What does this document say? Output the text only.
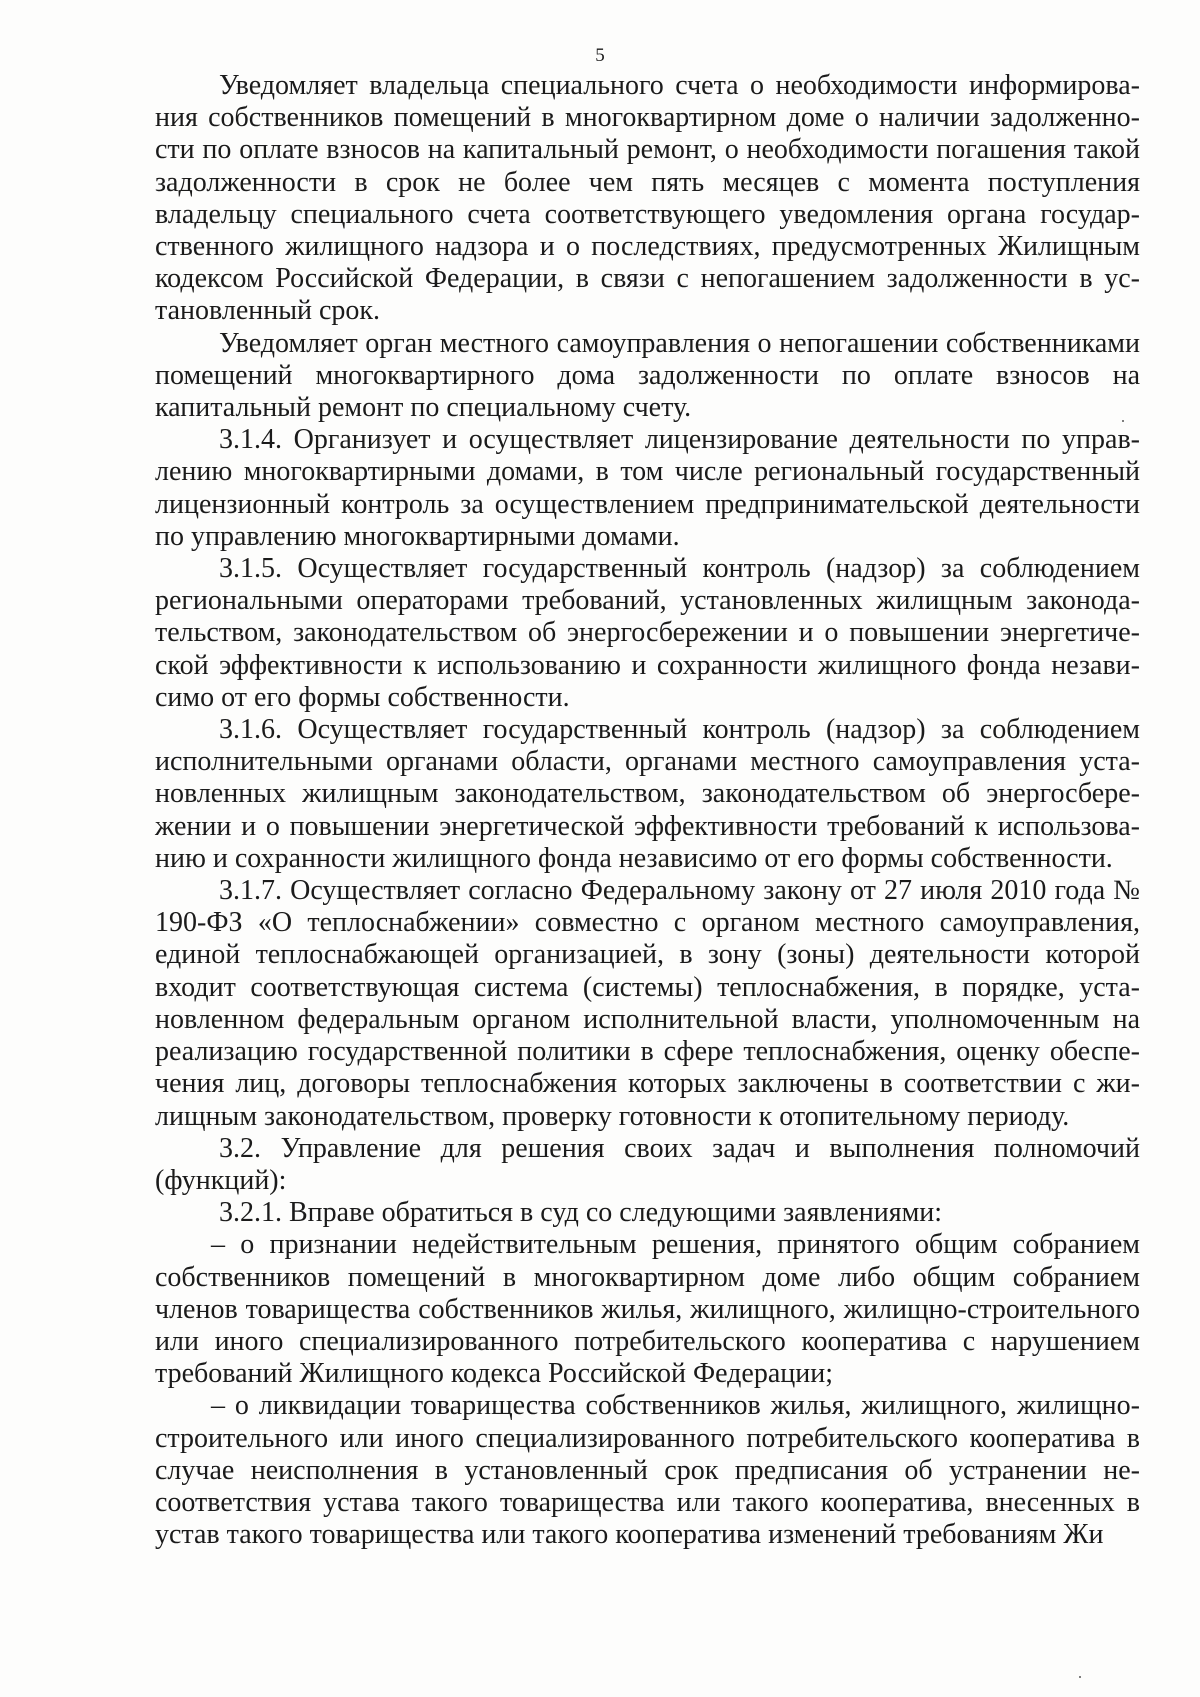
5

Уведомляет владельца специального счета о необходимости информирования собственников помещений в многоквартирном доме о наличии задолженности по оплате взносов на капитальный ремонт, о необходимости погашения такой задолженности в срок не более чем пять месяцев с момента поступления владельцу специального счета соответствующего уведомления органа государственного жилищного надзора и о последствиях, предусмотренных Жилищным кодексом Российской Федерации, в связи с непогашением задолженности в установленный срок.

Уведомляет орган местного самоуправления о непогашении собственниками помещений многоквартирного дома задолженности по оплате взносов на капитальный ремонт по специальному счету.

3.1.4. Организует и осуществляет лицензирование деятельности по управлению многоквартирными домами, в том числе региональный государственный лицензионный контроль за осуществлением предпринимательской деятельности по управлению многоквартирными домами.

3.1.5. Осуществляет государственный контроль (надзор) за соблюдением региональными операторами требований, установленных жилищным законодательством, законодательством об энергосбережении и о повышении энергетической эффективности к использованию и сохранности жилищного фонда независимо от его формы собственности.

3.1.6. Осуществляет государственный контроль (надзор) за соблюдением исполнительными органами области, органами местного самоуправления установленных жилищным законодательством, законодательством об энергосбережении и о повышении энергетической эффективности требований к использованию и сохранности жилищного фонда независимо от его формы собственности.

3.1.7. Осуществляет согласно Федеральному закону от 27 июля 2010 года № 190-ФЗ «О теплоснабжении» совместно с органом местного самоуправления, единой теплоснабжающей организацией, в зону (зоны) деятельности которой входит соответствующая система (системы) теплоснабжения, в порядке, установленном федеральным органом исполнительной власти, уполномоченным на реализацию государственной политики в сфере теплоснабжения, оценку обеспечения лиц, договоры теплоснабжения которых заключены в соответствии с жилищным законодательством, проверку готовности к отопительному периоду.

3.2. Управление для решения своих задач и выполнения полномочий (функций):

3.2.1. Вправе обратиться в суд со следующими заявлениями:

– о признании недействительным решения, принятого общим собранием собственников помещений в многоквартирном доме либо общим собранием членов товарищества собственников жилья, жилищного, жилищно-строительного или иного специализированного потребительского кооператива с нарушением требований Жилищного кодекса Российской Федерации;

– о ликвидации товарищества собственников жилья, жилищного, жилищно-строительного или иного специализированного потребительского кооператива в случае неисполнения в установленный срок предписания об устранении несоответствия устава такого товарищества или такого кооператива, внесенных в устав такого товарищества или такого кооператива изменений требованиям Жи
